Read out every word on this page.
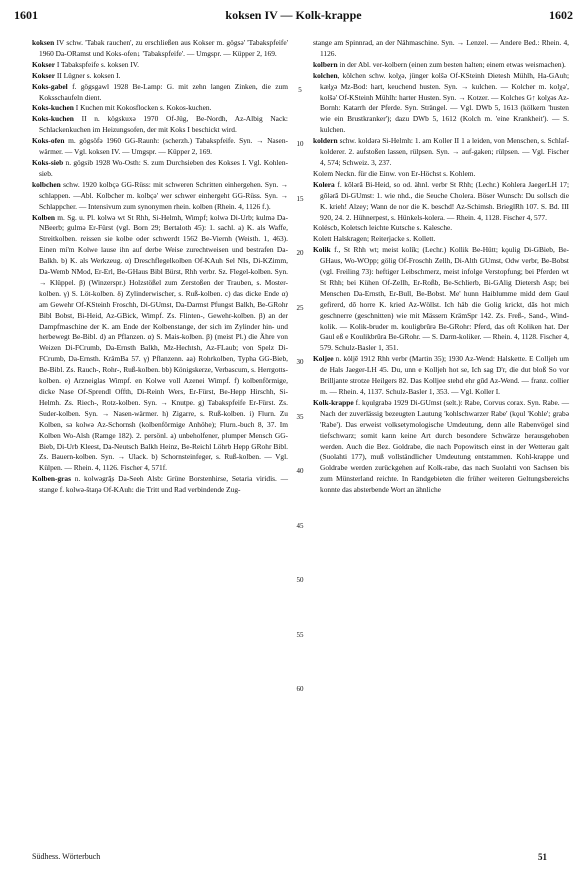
1601	koksen IV — Kolk-krappe	1602

koksen IV schw. 'Tabak rauchen', zu erschließen aus Kokser m. gögsə' 'Tabakspfeife' 1960 Da-ORamst und Koks-ofen↓ 'Tabakspfeife'. — Umgspr. — Küpper 2, 169.

Kokser I Tabakspfeife s. koksen IV.

Kokser II Lügner s. koksen I.

Koks-gabel f. gögsgawl 1928 Be-Lamp: G. mit zehn langen Zinken, die zum Koksschaufeln dient.

Koks-kuchen I Kuchen mit Kokosflocken s. Kokos-kuchen.

Koks-kuchen II n. kögskuxə 1970 Of-Jüg, Be-Nordh, Az-Albig Nack: Schlackenkuchen im Heizungsofen, der mit Koks I beschickt wird.

Koks-ofen m. gögsöfə 1960 GG-Raunh: (scherzh.) Tabakspfeife. Syn. → Nasen-wärmer. — Vgl. koksen IV. — Umgspr. — Küpper 2, 169.

Koks-sieb n. gögsib 1928 Wo-Osth: S. zum Durchsieben des Kokses I. Vgl. Kohlen-sieb.

kolbchen schw. 1920 kolbçə GG-Rüss: mit schweren Schritten einhergehen. Syn. → schlappen. —Abl. Kolbcher m. kolbçə' wer schwer einhergeht GG-Rüss. Syn. → Schlappcher. — Intensivum zum synonymen rhein. kolben (Rhein. 4, 1126 f.).

Kolben m. Sg. u. Pl. kolwə wt St Rhh, Si-Helmh, Wimpf; kolwə Di-Urb; kulmə Da-NBeerb; gulmə Er-Fürst (vgl. Born 29; Bertaloth 45): 1. sachl. a) K. als Waffe, Streitkolben. reissen sie kolbe oder schwerdt 1562 Be-Viernh (Weisth. 1, 463). Einen mi'm Kolwe lause ihn auf derbe Weise zurechtweisen und bestrafen Da-Balkh. b) K. als Werkzeug. α) Dreschflegelkolben Of-KAuh Sel NIs, Di-KZimm, Da-Wemb NMod, Er-Erl, Be-GHaus Bibl Bürst, Rhh verbr. Sz. Flegel-kolben. Syn. → Klüppel. β) (Winzerspr.) Holzstößel zum Zerstoßen der Trauben, s. Moster-kolben. γ) S. Löt-kolben. δ) Zylinderwischer, s. Ruß-kolben. c) das dicke Ende α) am Gewehr Of-KSteinh Froschh, Di-GUmst, Da-Darmst Pfungst Balkh, Be-GRohr Bibl Bobst, Bi-Heid, Az-GBick, Wimpf. Zs. Flinten-, Gewehr-kolben. β) an der Dampfmaschine der K. am Ende der Kolbenstange, der sich im Zylinder hin- und herbewegt Be-Bibl. d) an Pflanzen. α) S. Mais-kolben. β) (meist Pl.) die Ähre von Weizen Di-FCrumb, Da-Ernsth Balkh, Mz-Hechtsh, Az-FLaub; von Spelz Di-FCrumb, Da-Ernsth. KrämBa 57. γ) Pflanzenn. aa) Rohrkolben, Typha GG-Bieb, Be-Bibl. Zs. Rauch-, Rohr-, Ruß-kolben. bb) Königskerze, Verbascum, s. Herrgotts-kolben. e) Arzneiglas Wimpf. en Kolwe voll Azenei Wimpf. f) kolbenförmige, dicke Nase Of-Sprendl Offth, Di-Reinh Wers, Er-Fürst, Be-Hepp Hirschh, Si-Helmh. Zs. Riech-, Rotz-kolben. Syn. → Knutpe. g) Tabakspfeife Er-Fürst. Zs. Suder-kolben. Syn. → Nasen-wärmer. h) Zigarre, s. Ruß-kolben. i) Flurn. Zu Kolben, sə kolwə Az-Schornsh (kolbenförmige Anhöhe); Flurn.-buch 8, 37. Im Kolben Wo-Alsh (Ramge 182). 2. persönl. a) unbeholfener, plumper Mensch GG-Bieb, Di-Urb Kleest, Da-Neutsch Balkh Heinz, Be-Reichl Löhrb Hepp GRohr Bibl. Zs. Bauern-kolben. Syn. → Ulack. b) Schornsteinfeger, s. Ruß-kolben. — Vgl. Külpen. — Rhein. 4, 1126. Fischer 4, 571f.

Kolben-gras n. kolwəgrā̤s Da-Seeh Alsb: Grüne Borstenhirse, Setaria viridis. —stange f. kolwə-štaŋə Of-KAuh: die Tritt und Rad verbindende Zug-

5
10
15
20
25
30
35
40
45
50
55
60

stange am Spinnrad, an der Nähmaschine. Syn. → Lenzel. — Andere Bed.: Rhein. 4, 1126.

kolbern in der Abl. ver-kolbern (einen zum besten halten; einem etwas weismachen).

kolchen, kölchen schw. kolχə, jünger kolšə Of-KSteinh Dietesh Mühlh, Ha-GAuh; kælχə Mz-Bod: hart, keuchend husten. Syn. → kulchen. — Kolcher m. kolχə', kolšə' Of-KSteinh Mühlh: harter Husten. Syn. → Kotzer. — Kolches G↑ kolχəs Az-Bornh: Katarrh der Pferde. Syn. Strängel. — Vgl. DWb 5, 1613 (kölkern 'husten wie ein Brustkranker'); dazu DWb 5, 1612 (Kolch m. 'eine Krankheit'). — S. kulchen.

koldern schw. koldərə Si-Helmh: 1. am Koller II 1 a leiden, von Menschen, s. Schlaf-kolderer. 2. aufstoßen lassen, rülpsen. Syn. → auf-gaken; rülpsen. — Vgl. Fischer 4, 574; Schweiz. 3, 237.

Kolem Neckn. für die Einw. von Er-Höchst s. Kohlem.

Kolera f. kōlərā Bi-Heid, so od. ähnl. verbr St Rhh; (Lechr.) Kohlera JaegerLH 17; gōlərā Di-GUmst: 1. wie nhd., die Seuche Cholera. Böser Wunsch: Du sollsch die K. krieh! Alzey; Wann de nor die K. beschd! Az-Schimsh. BrieglRh 107. S. Bd. III 920, 24. 2. Hühnerpest, s. Hünkels-kolera. — Rhein. 4, 1128. Fischer 4, 577.

Koléscb, Koletsch leichte Kutsche s. Kalesche.

Kolett Halskragen; Reiterjacke s. Kollett.

Kolik f., St Rhh wt; meist kolík; (Lechr.) Kollik Be-Hütt; kǫulig Di-GBieb, Be-GHaus, Wo-WOpp; gölig Of-Froschh Zellh, Di-Alth GUmst, Odw verbr, Be-Bobst (vgl. Freiling 73): heftiger Leibschmerz, meist infolge Verstopfung; bei Pferden wt St Rhh; bei Kühen Of-Zellh, Er-Roßb, Be-Schlierb, Bi-GAlig Dietersh Asp; bei Menschen Da-Ernsth, Er-Bull, Be-Bobst. Me' hunn Haiblumme midd dem Gaul gefirerd, dō horre K. kried Az-Wöllst. Ich häb die Golig krickt, dās hot mich geschnerre (geschnitten) wie mit Mässern KrämSpr 142. Zs. Freß-, Sand-, Wind-kolik. — Kolik-bruder m. kouligbrūrə Be-GRohr: Pferd, das oft Koliken hat. Der Gaul eß e Koulikbrūra Be-GRohr. — S. Darm-koliker. — Rhein. 4, 1128. Fischer 4, 579. Schulz-Basler 1, 351.

Koljee n. köljē 1912 Rhh verbr (Martin 35); 1930 Az-Wend: Halskette. E Colljeh um de Hals Jaeger-LH 45. Du, unn e Kolljeh hot se, Ich sag D'r, die dut bloß So vor Brilljante strotze Heilgers 82. Das Kolljee stehd ehr gūd Az-Wend. — franz. collier m. — Rhein. 4, 1137. Schulz-Basler 1, 353. — Vgl. Koller I.

Kolk-krappe f. kǫulgrabə 1929 Di-GUmst (selt.): Rabe, Corvus corax. Syn. Rabe. — Nach der zuverlässig bezeugten Lautung 'kohlschwarzer Rabe' (kǫul 'Kohle'; grabə 'Rabe'). Das erweist volksetymologische Umdeutung, denn alle Rabenvögel sind tiefschwarz; somit kann keine Art durch besondere Schwärze herausgehoben werden. Auch die Bez. Goldrabe, die nach Popowitsch einst in der Wetterau galt (Suolahti 177), muß vollständlicher Umdeutung entstammen. Kohl-krappe und Goldrabe werden zurückgehen auf Kolk-rabe, das nach Suolahti von Sachsen bis zum Münsterland reichte. In Randgebieten die früher weiteren Geltungsbereichs konnte das absterbende Wort an ähnliche

Südhess. Wörterbuch	51
